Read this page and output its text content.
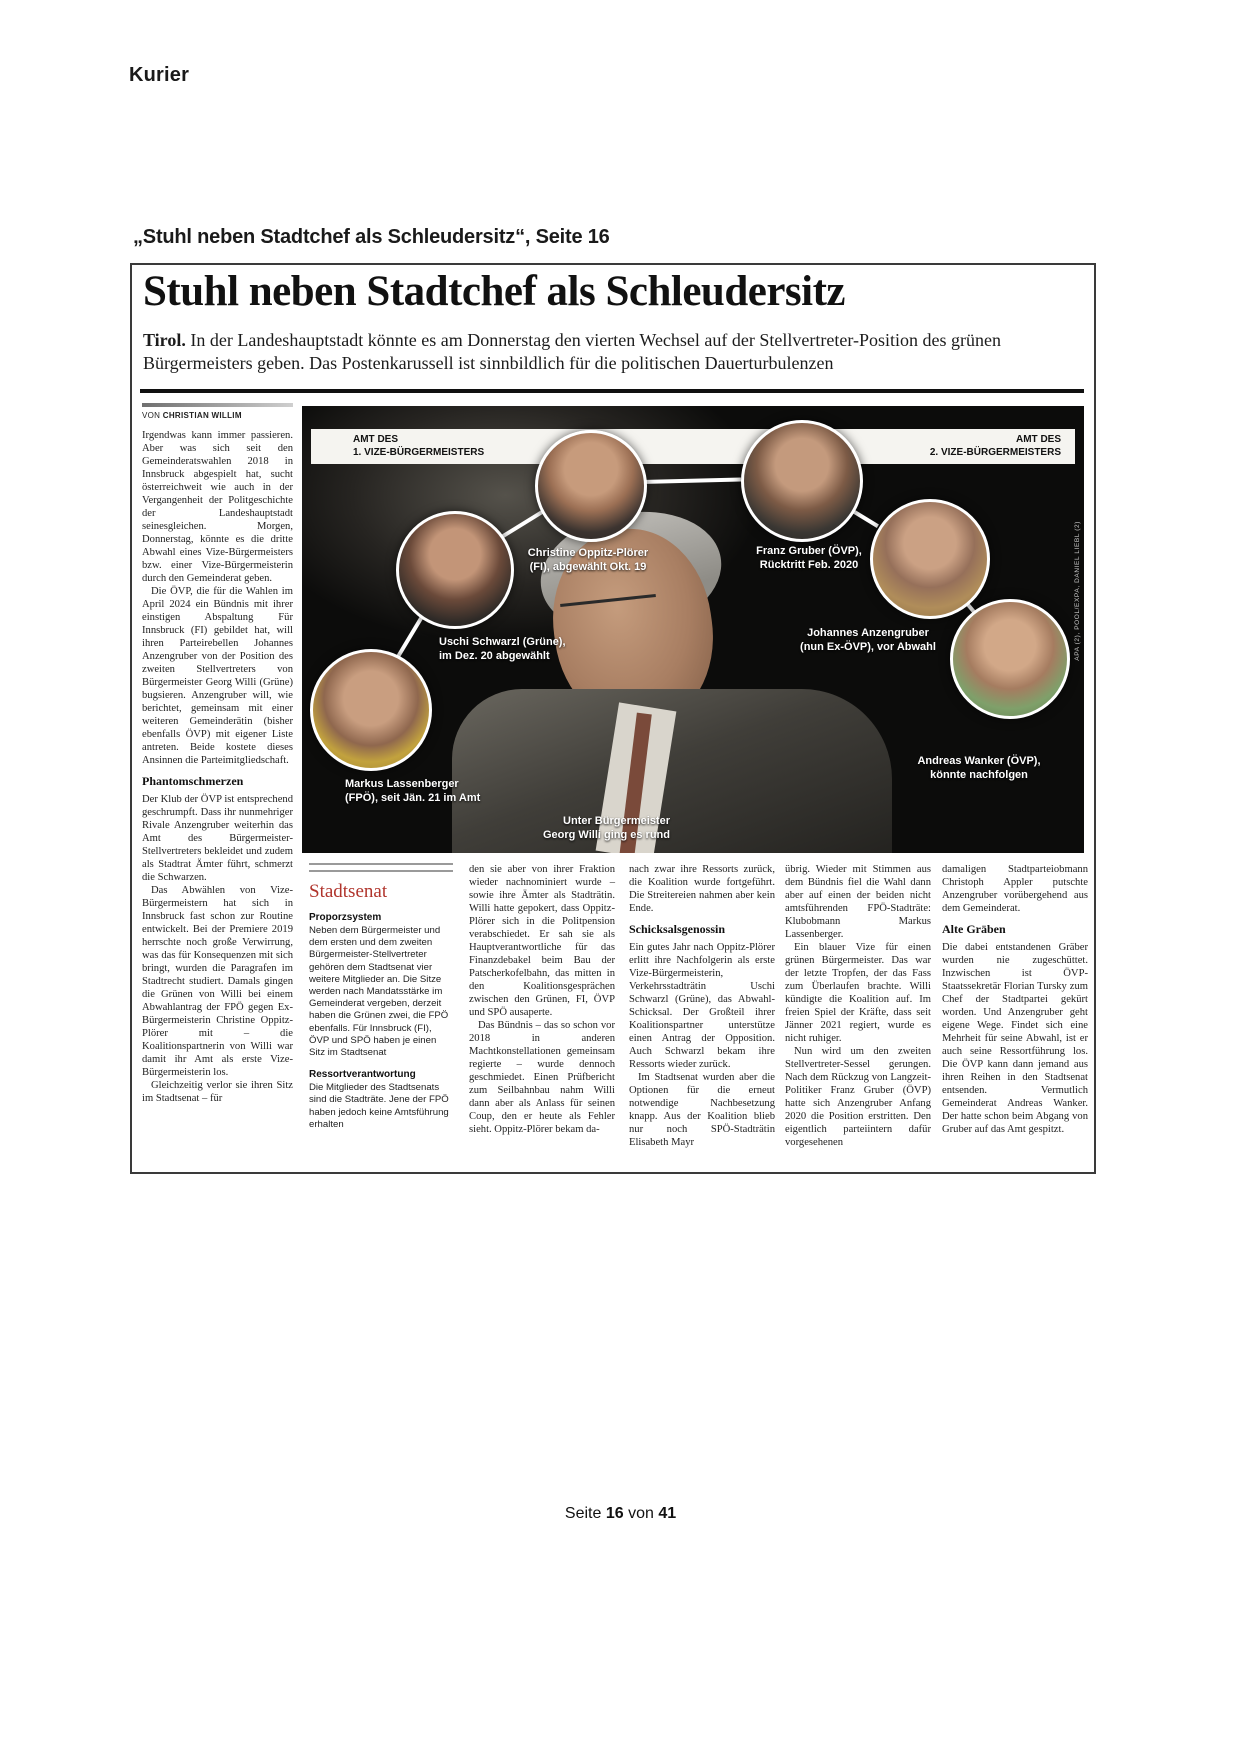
Kurier
„Stuhl neben Stadtchef als Schleudersitz“, Seite 16
Stuhl neben Stadtchef als Schleudersitz
Tirol. In der Landeshauptstadt könnte es am Donnerstag den vierten Wechsel auf der Stellvertreter-Position des grünen Bürgermeisters geben. Das Postenkarussell ist sinnbildlich für die politischen Dauerturbulenzen
VON CHRISTIAN WILLIM

Irgendwas kann immer passieren. Aber was sich seit den Gemeinderatswahlen 2018 in Innsbruck abgespielt hat, sucht österreichweit wie auch in der Vergangenheit der Politgeschichte der Landeshauptstadt seinesgleichen. Morgen, Donnerstag, könnte es die dritte Abwahl eines Vize-Bürgermeisters bzw. einer Vize-Bürgermeisterin durch den Gemeinderat geben.

Die ÖVP, die für die Wahlen im April 2024 ein Bündnis mit ihrer einstigen Abspaltung Für Innsbruck (FI) gebildet hat, will ihren Parteirebellen Johannes Anzengruber von der Position des zweiten Stellvertreters von Bürgermeister Georg Willi (Grüne) bugsieren. Anzengruber will, wie berichtet, gemeinsam mit einer weiteren Gemeinderätin (bisher ebenfalls ÖVP) mit eigener Liste antreten. Beide kostete dieses Ansinnen die Parteimitgliedschaft.

Phantomschmerzen

Der Klub der ÖVP ist entsprechend geschrumpft. Dass ihr nunmehriger Rivale Anzengruber weiterhin das Amt des Bürgermeister-Stellvertreters bekleidet und zudem als Stadtrat Ämter führt, schmerzt die Schwarzen.

Das Abwählen von Vize-Bürgermeistern hat sich in Innsbruck fast schon zur Routine entwickelt. Bei der Premiere 2019 herrschte noch große Verwirrung, was das für Konsequenzen mit sich bringt, wurden die Paragrafen im Stadtrecht studiert. Damals gingen die Grünen von Willi bei einem Abwahlantrag der FPÖ gegen Ex-Bürgermeisterin Christine Oppitz-Plörer mit – die Koalitionspartnerin von Willi war damit ihr Amt als erste Vize-Bürgermeisterin los.

Gleichzeitig verlor sie ihren Sitz im Stadtsenat – für

AMT DES
1. VIZE-BÜRGERMEISTERS
AMT DES
2. VIZE-BÜRGERMEISTERS
Christine Oppitz-Plörer
(FI), abgewählt Okt. 19
Franz Gruber (ÖVP),
Rücktritt Feb. 2020
Uschi Schwarzl (Grüne),
im Dez. 20 abgewählt
Johannes Anzengruber
(nun Ex-ÖVP), vor Abwahl
Markus Lassenberger
(FPÖ), seit Jän. 21 im Amt
Andreas Wanker (ÖVP),
könnte nachfolgen
Unter Bürgermeister
Georg Willi ging es rund
APA (2), POOL/EXPA, DANIEL LIEBL (2)
Stadtsenat
Proporzsystem

Neben dem Bürgermeister und dem ersten und dem zweiten Bürgermeister-Stellvertreter gehören dem Stadtsenat vier weitere Mitglieder an. Die Sitze werden nach Mandatsstärke im Gemeinderat vergeben, derzeit haben die Grünen zwei, die FPÖ ebenfalls. Für Innsbruck (FI), ÖVP und SPÖ haben je einen Sitz im Stadtsenat

Ressortverantwortung

Die Mitglieder des Stadtsenats sind die Stadträte. Jene der FPÖ haben jedoch keine Amtsführung erhalten

den sie aber von ihrer Fraktion wieder nachnominiert wurde – sowie ihre Ämter als Stadträtin. Willi hatte gepokert, dass Oppitz-Plörer sich in die Politpension verabschiedet. Er sah sie als Hauptverantwortliche für das Finanzdebakel beim Bau der Patscherkofelbahn, das mitten in den Koalitionsgesprächen zwischen den Grünen, FI, ÖVP und SPÖ ausaperte.

Das Bündnis – das so schon vor 2018 in anderen Machtkonstellationen gemeinsam regierte – wurde dennoch geschmiedet. Einen Prüfbericht zum Seilbahnbau nahm Willi dann aber als Anlass für seinen Coup, den er heute als Fehler sieht. Oppitz-Plörer bekam da-

nach zwar ihre Ressorts zurück, die Koalition wurde fortgeführt. Die Streitereien nahmen aber kein Ende.

Schicksalsgenossin

Ein gutes Jahr nach Oppitz-Plörer erlitt ihre Nachfolgerin als erste Vize-Bürgermeisterin, Verkehrsstadträtin Uschi Schwarzl (Grüne), das Abwahl-Schicksal. Der Großteil ihrer Koalitionspartner unterstütze einen Antrag der Opposition. Auch Schwarzl bekam ihre Ressorts wieder zurück.

Im Stadtsenat wurden aber die Optionen für die erneut notwendige Nachbesetzung knapp. Aus der Koalition blieb nur noch SPÖ-Stadträtin Elisabeth Mayr

übrig. Wieder mit Stimmen aus dem Bündnis fiel die Wahl dann aber auf einen der beiden nicht amtsführenden FPÖ-Stadträte: Klubobmann Markus Lassenberger.

Ein blauer Vize für einen grünen Bürgermeister. Das war der letzte Tropfen, der das Fass zum Überlaufen brachte. Willi kündigte die Koalition auf. Im freien Spiel der Kräfte, dass seit Jänner 2021 regiert, wurde es nicht ruhiger.

Nun wird um den zweiten Stellvertreter-Sessel gerungen. Nach dem Rückzug von Langzeit-Politiker Franz Gruber (ÖVP) hatte sich Anzengruber Anfang 2020 die Position erstritten. Den eigentlich parteiintern dafür vorgesehenen

damaligen Stadtparteiobmann Christoph Appler putschte Anzengruber vorübergehend aus dem Gemeinderat.

Alte Gräben

Die dabei entstandenen Gräber wurden nie zugeschüttet. Inzwischen ist ÖVP-Staatssekretär Florian Tursky zum Chef der Stadtpartei gekürt worden. Und Anzengruber geht eigene Wege. Findet sich eine Mehrheit für seine Abwahl, ist er auch seine Ressortführung los. Die ÖVP kann dann jemand aus ihren Reihen in den Stadtsenat entsenden. Vermutlich Gemeinderat Andreas Wanker. Der hatte schon beim Abgang von Gruber auf das Amt gespitzt.

Seite 16 von 41
